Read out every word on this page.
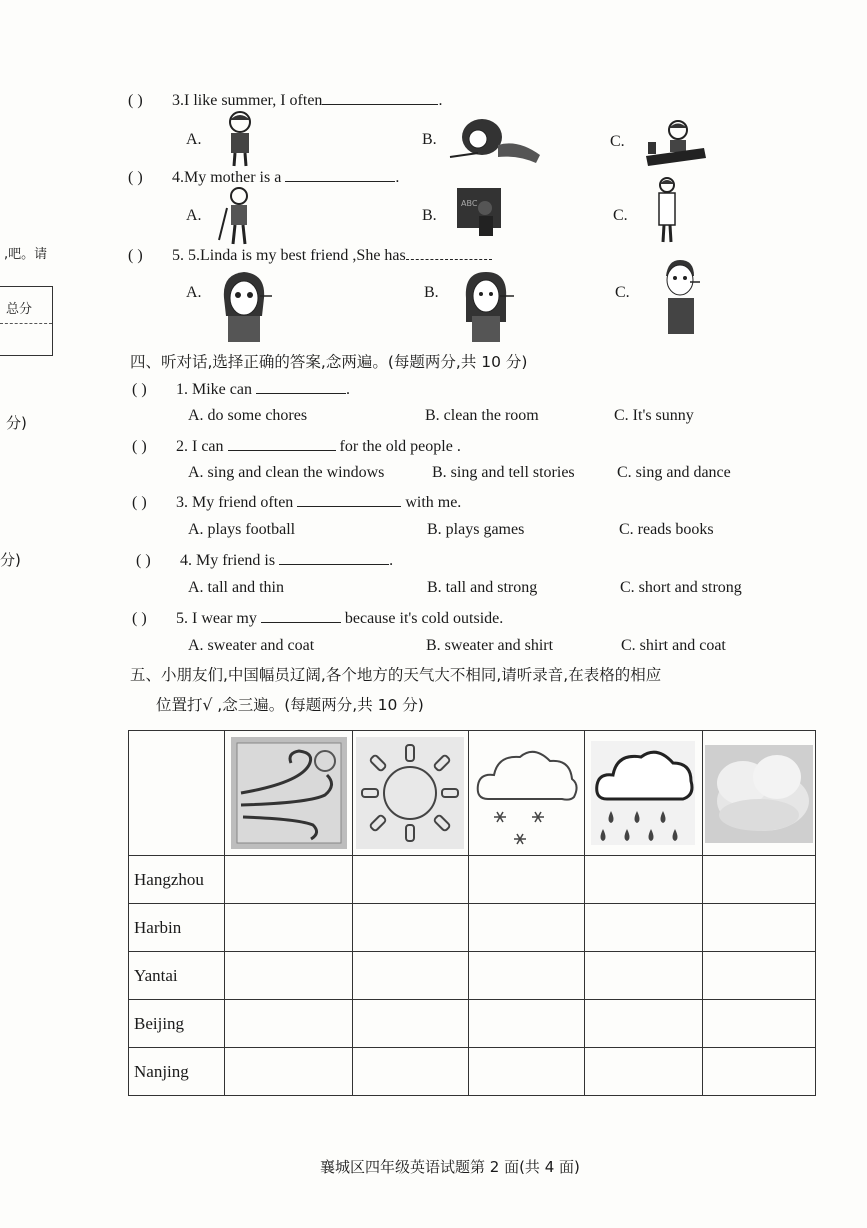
,吧。请
总分
分)
分)
( ) 3.I like summer, I often	.
A.	B.	C.
( ) 4.My mother is a	.
A.	B.	C.
ABC
( ) 5. 5.Linda is my best friend ,She has
A.	B.	C.
四、听对话,选择正确的答案,念两遍。(每题两分,共 10 分)
( ) 1. Mike can	.
A. do some chores	B. clean the room	C. It's sunny
( ) 2. I can	for the old people .
A. sing and clean the windows	B. sing and tell stories	C. sing and dance
( ) 3. My friend often	with me.
A. plays football	B. plays games	C. reads books
( ) 4. My friend is	.
A. tall and thin	B. tall and strong	C. short and strong
( ) 5. I wear my	because it's cold outside.
A. sweater and coat	B. sweater and shirt	C. shirt and coat
五、小朋友们,中国幅员辽阔,各个地方的天气大不相同,请听录音,在表格的相应
位置打√ ,念三遍。(每题两分,共 10 分)

Hangzhou					
Harbin					
Yantai					
Beijing					
Nanjing					
襄城区四年级英语试题第 2 面(共 4 面)
